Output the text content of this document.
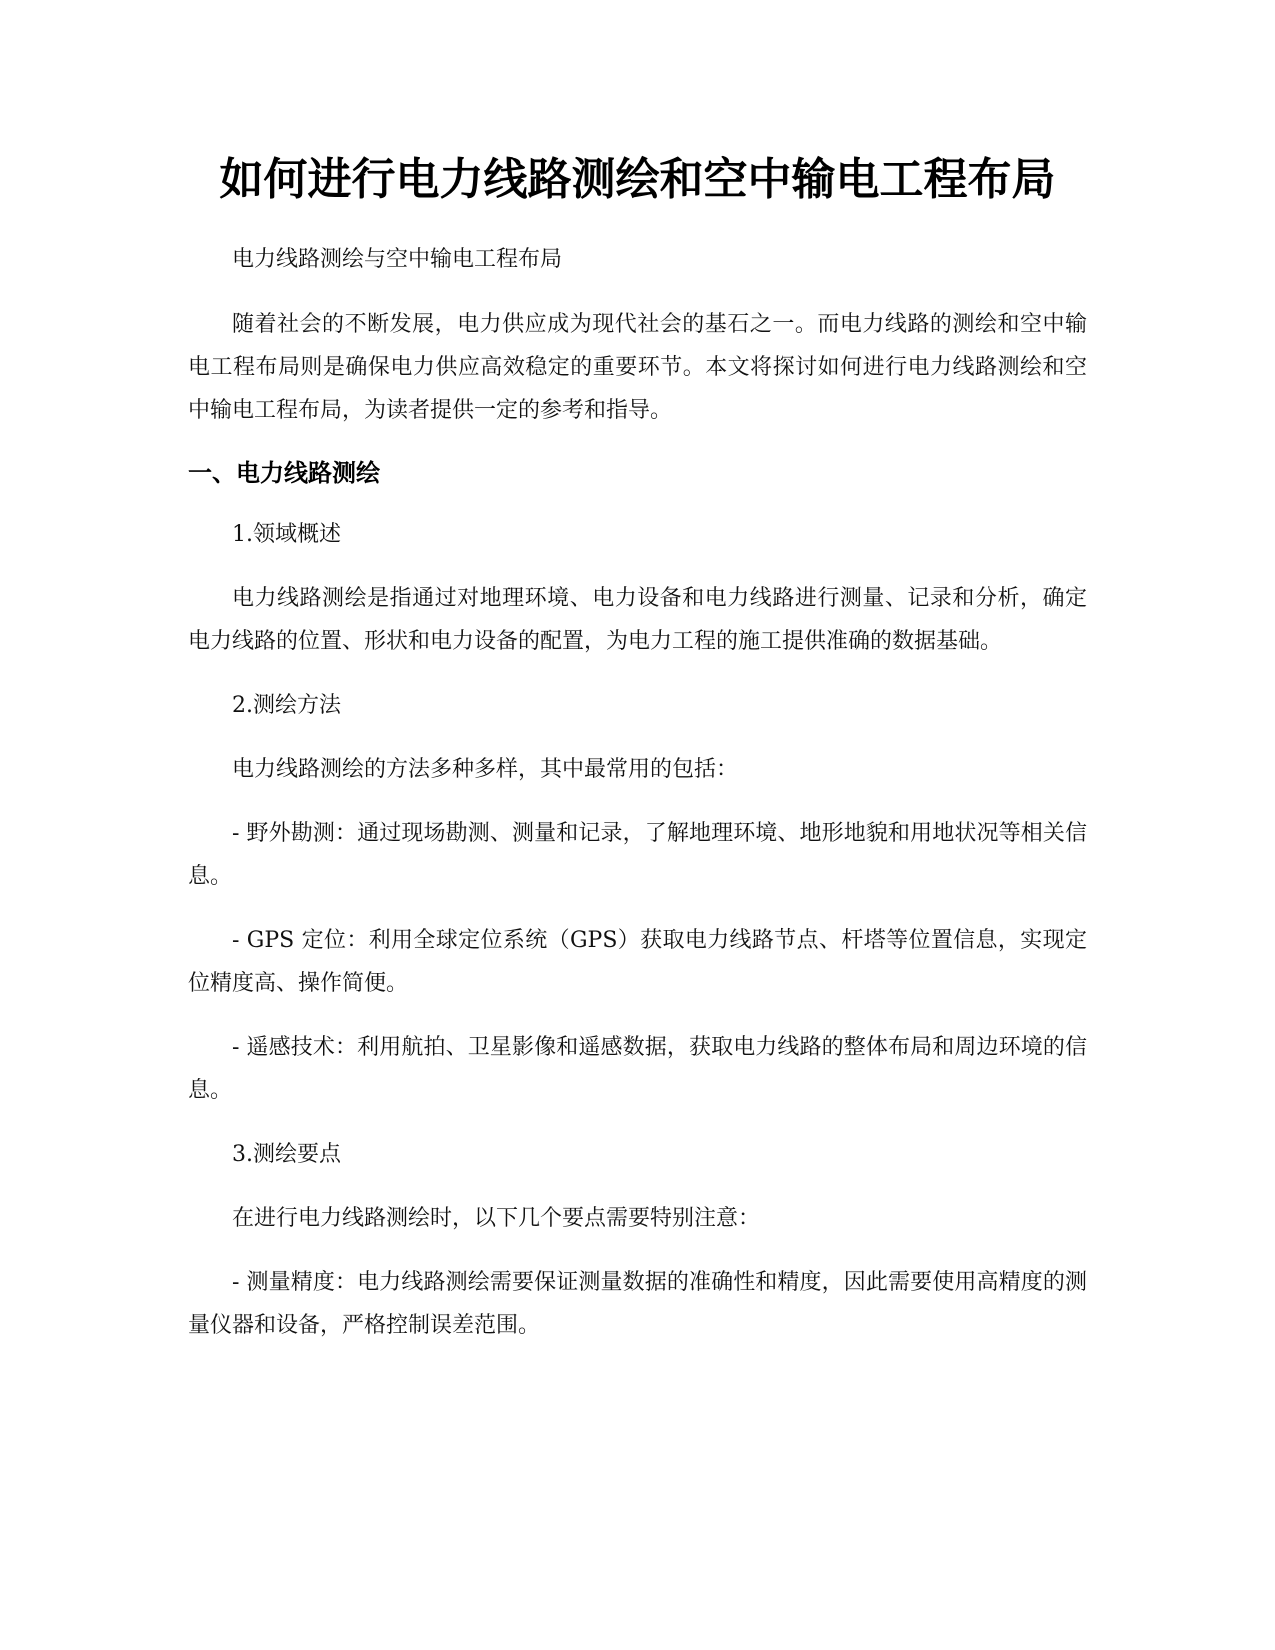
如何进行电力线路测绘和空中输电工程布局

电力线路测绘与空中输电工程布局

随着社会的不断发展，电力供应成为现代社会的基石之一。而电力线路的测绘和空中输电工程布局则是确保电力供应高效稳定的重要环节。本文将探讨如何进行电力线路测绘和空中输电工程布局，为读者提供一定的参考和指导。

一、电力线路测绘

1.领域概述

电力线路测绘是指通过对地理环境、电力设备和电力线路进行测量、记录和分析，确定电力线路的位置、形状和电力设备的配置，为电力工程的施工提供准确的数据基础。

2.测绘方法

电力线路测绘的方法多种多样，其中最常用的包括：

- 野外勘测：通过现场勘测、测量和记录，了解地理环境、地形地貌和用地状况等相关信息。

- GPS 定位：利用全球定位系统（GPS）获取电力线路节点、杆塔等位置信息，实现定位精度高、操作简便。

- 遥感技术：利用航拍、卫星影像和遥感数据，获取电力线路的整体布局和周边环境的信息。

3.测绘要点

在进行电力线路测绘时，以下几个要点需要特别注意：

- 测量精度：电力线路测绘需要保证测量数据的准确性和精度，因此需要使用高精度的测量仪器和设备，严格控制误差范围。
